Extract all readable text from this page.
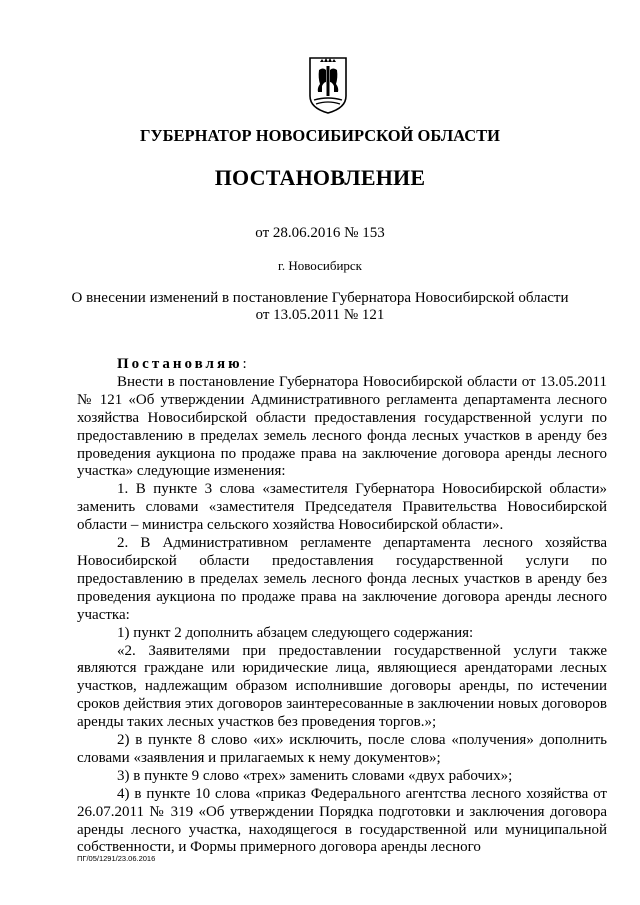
ГУБЕРНАТОР НОВОСИБИРСКОЙ ОБЛАСТИ
ПОСТАНОВЛЕНИЕ
от 28.06.2016 № 153
г. Новосибирск
О внесении изменений в постановление Губернатора Новосибирской области
от 13.05.2011 № 121

Постановляю:

Внести в постановление Губернатора Новосибирской области от 13.05.2011 № 121 «Об утверждении Административного регламента департамента лесного хозяйства Новосибирской области предоставления государственной услуги по предоставлению в пределах земель лесного фонда лесных участков в аренду без проведения аукциона по продаже права на заключение договора аренды лесного участка» следующие изменения:

1. В пункте 3 слова «заместителя Губернатора Новосибирской области» заменить словами «заместителя Председателя Правительства Новосибирской области – министра сельского хозяйства Новосибирской области».

2. В Административном регламенте департамента лесного хозяйства Новосибирской области предоставления государственной услуги по предоставлению в пределах земель лесного фонда лесных участков в аренду без проведения аукциона по продаже права на заключение договора аренды лесного участка:

1) пункт 2 дополнить абзацем следующего содержания:

«2. Заявителями при предоставлении государственной услуги также являются граждане или юридические лица, являющиеся арендаторами лесных участков, надлежащим образом исполнившие договоры аренды, по истечении сроков действия этих договоров заинтересованные в заключении новых договоров аренды таких лесных участков без проведения торгов.»;

2) в пункте 8 слово «их» исключить, после слова «получения» дополнить словами «заявления и прилагаемых к нему документов»;

3) в пункте 9 слово «трех» заменить словами «двух рабочих»;

4) в пункте 10 слова «приказ Федерального агентства лесного хозяйства от 26.07.2011 № 319 «Об утверждении Порядка подготовки и заключения договора аренды лесного участка, находящегося в государственной или муниципальной собственности, и Формы примерного договора аренды лесного

ПГ/05/1291/23.06.2016
